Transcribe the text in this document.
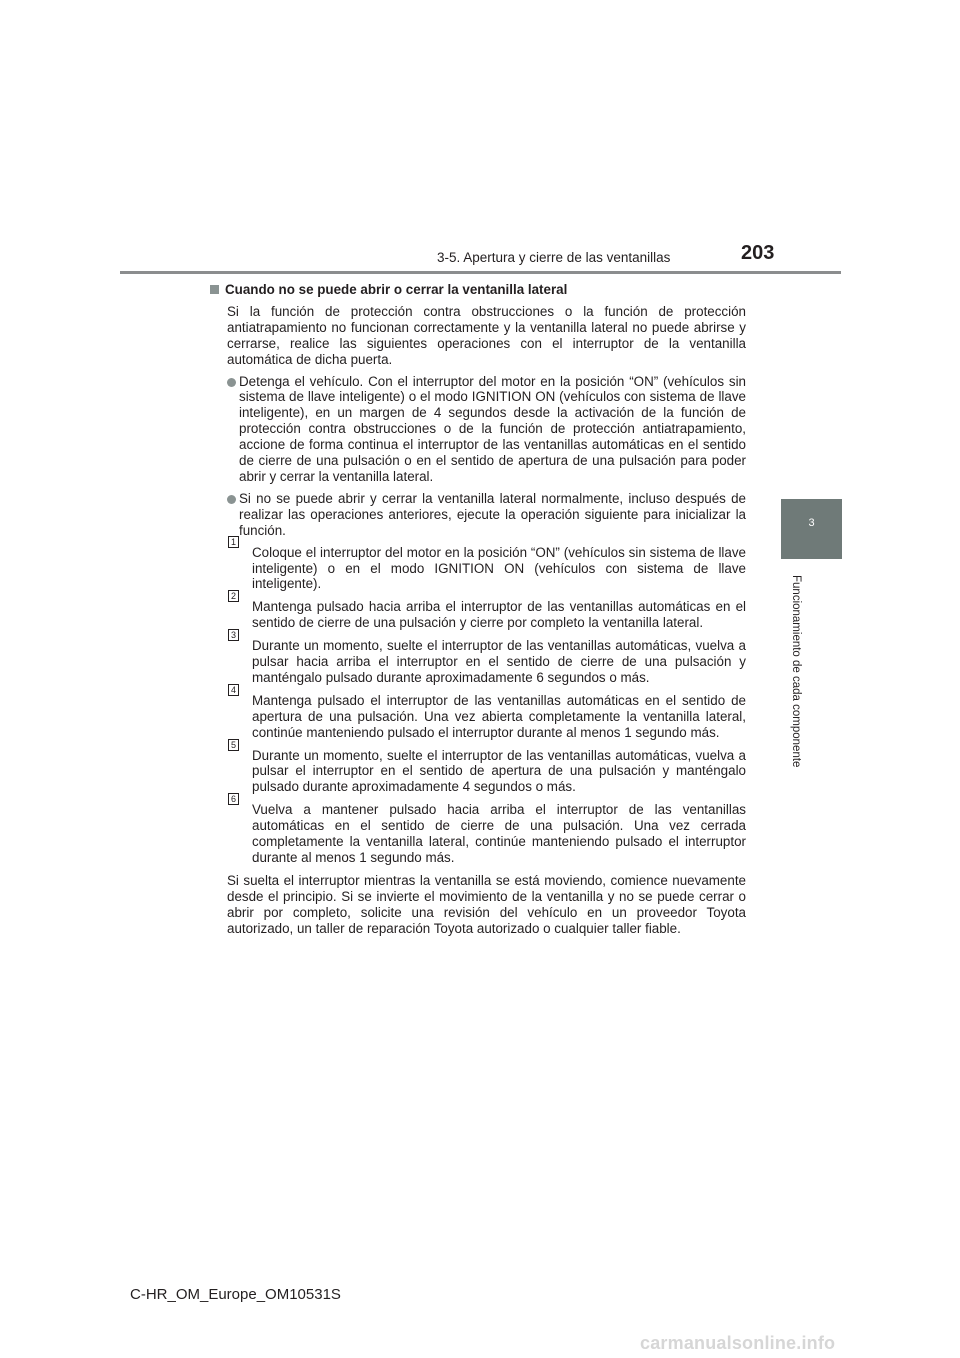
3-5. Apertura y cierre de las ventanillas	203
3
Funcionamiento de cada componente
Cuando no se puede abrir o cerrar la ventanilla lateral

Si la función de protección contra obstrucciones o la función de protección antiatrapamiento no funcionan correctamente y la ventanilla lateral no puede abrirse y cerrarse, realice las siguientes operaciones con el interruptor de la ventanilla automática de dicha puerta.

Detenga el vehículo. Con el interruptor del motor en la posición “ON” (vehículos sin sistema de llave inteligente) o el modo IGNITION ON (vehículos con sistema de llave inteligente), en un margen de 4 segundos desde la activación de la función de protección contra obstrucciones o de la función de protección antiatrapamiento, accione de forma continua el interruptor de las ventanillas automáticas en el sentido de cierre de una pulsación o en el sentido de apertura de una pulsación para poder abrir y cerrar la ventanilla lateral.

Si no se puede abrir y cerrar la ventanilla lateral normalmente, incluso después de realizar las operaciones anteriores, ejecute la operación siguiente para inicializar la función.

1

Coloque el interruptor del motor en la posición “ON” (vehículos sin sistema de llave inteligente) o en el modo IGNITION ON (vehículos con sistema de llave inteligente).

2

Mantenga pulsado hacia arriba el interruptor de las ventanillas automáticas en el sentido de cierre de una pulsación y cierre por completo la ventanilla lateral.

3

Durante un momento, suelte el interruptor de las ventanillas automáticas, vuelva a pulsar hacia arriba el interruptor en el sentido de cierre de una pulsación y manténgalo pulsado durante aproximadamente 6 segundos o más.

4

Mantenga pulsado el interruptor de las ventanillas automáticas en el sentido de apertura de una pulsación. Una vez abierta completamente la ventanilla lateral, continúe manteniendo pulsado el interruptor durante al menos 1 segundo más.

5

Durante un momento, suelte el interruptor de las ventanillas automáticas, vuelva a pulsar el interruptor en el sentido de apertura de una pulsación y manténgalo pulsado durante aproximadamente 4 segundos o más.

6

Vuelva a mantener pulsado hacia arriba el interruptor de las ventanillas automáticas en el sentido de cierre de una pulsación. Una vez cerrada completamente la ventanilla lateral, continúe manteniendo pulsado el interruptor durante al menos 1 segundo más.

Si suelta el interruptor mientras la ventanilla se está moviendo, comience nuevamente desde el principio. Si se invierte el movimiento de la ventanilla y no se puede cerrar o abrir por completo, solicite una revisión del vehículo en un proveedor Toyota autorizado, un taller de reparación Toyota autorizado o cualquier taller fiable.

C-HR_OM_Europe_OM10531S
carmanualsonline.info
